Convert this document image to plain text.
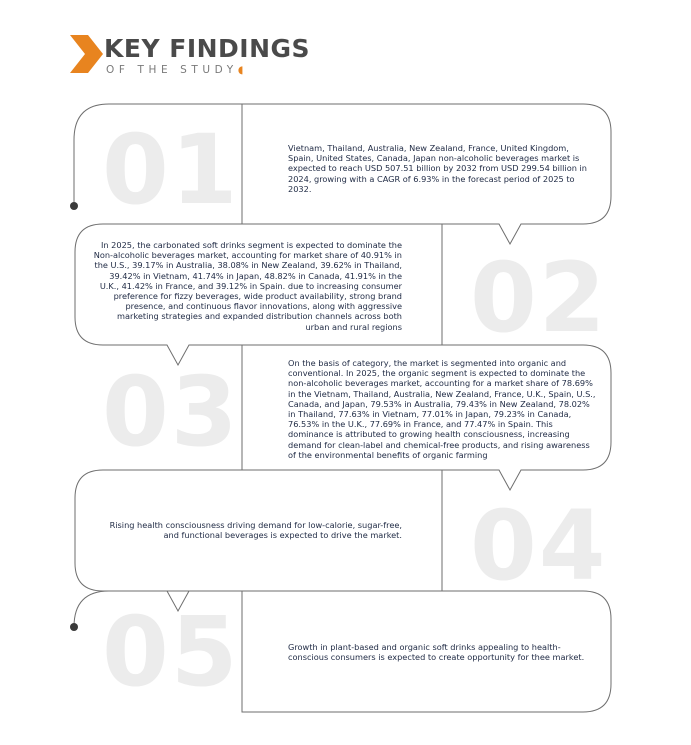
KEY FINDINGS
OF THE STUDY◖
01
02
03
04
05
Vietnam, Thailand, Australia, New Zealand, France, United Kingdom, Spain, United States, Canada, Japan non-alcoholic beverages market is expected to reach USD 507.51 billion by 2032 from USD 299.54 billion in 2024, growing with a CAGR of 6.93% in the forecast period of 2025 to 2032.
In 2025, the carbonated soft drinks segment is expected to dominate the Non-alcoholic beverages market, accounting for market share of 40.91% in the U.S., 39.17% in Australia, 38.08% in New Zealand, 39.62% in Thailand, 39.42% in Vietnam, 41.74% in Japan, 48.82% in Canada, 41.91% in the U.K., 41.42% in France, and 39.12% in Spain. due to increasing consumer preference for fizzy beverages, wide product availability, strong brand presence, and continuous flavor innovations, along with aggressive marketing strategies and expanded distribution channels across both urban and rural regions
On the basis of category, the market is segmented into organic and conventional. In 2025, the organic segment is expected to dominate the non-alcoholic beverages market, accounting for a market share of 78.69% in the Vietnam, Thailand, Australia, New Zealand, France, U.K., Spain, U.S., Canada, and Japan, 79.53% in Australia, 79.43% in New Zealand, 78.02% in Thailand, 77.63% in Vietnam, 77.01% in Japan, 79.23% in Canada, 76.53% in the U.K., 77.69% in France, and 77.47% in Spain. This dominance is attributed to growing health consciousness, increasing demand for clean-label and chemical-free products, and rising awareness of the environmental benefits of organic farming
Rising health consciousness driving demand for low-calorie, sugar-free, and functional beverages is expected to drive the market.
Growth in plant-based and organic soft drinks appealing to health-conscious consumers is expected to create opportunity for thee market.
